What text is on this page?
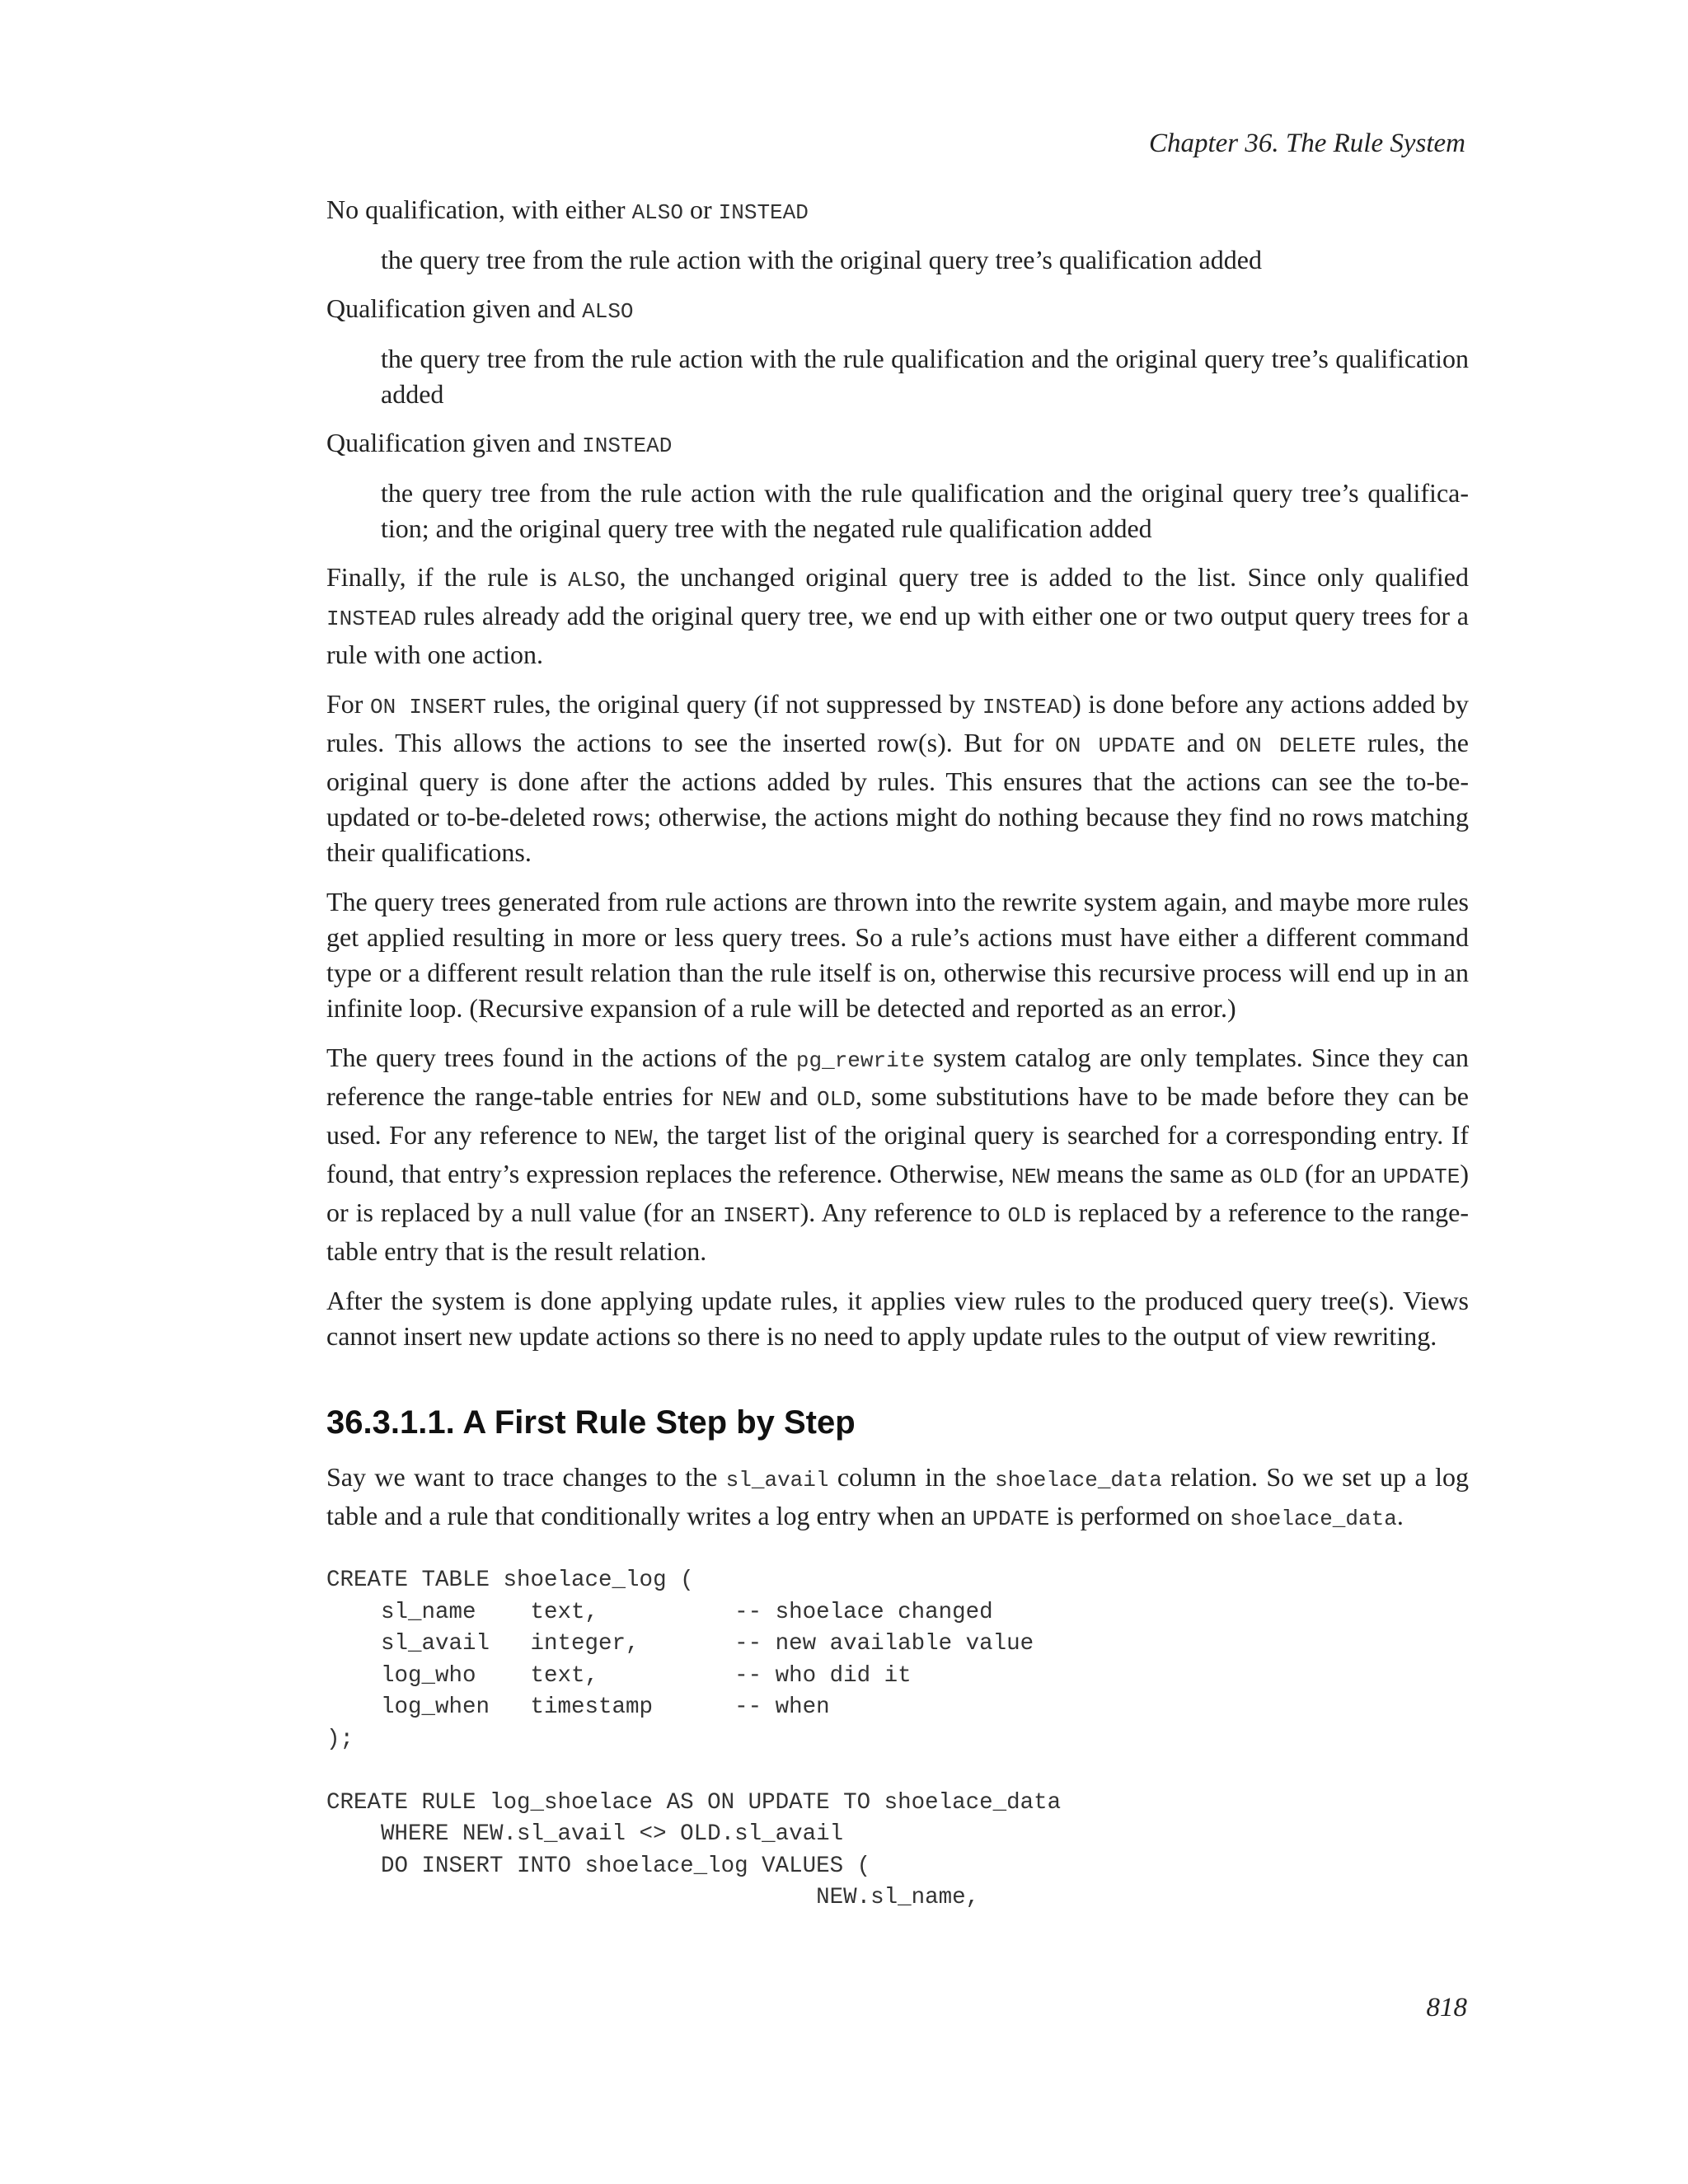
Chapter 36. The Rule System
No qualification, with either ALSO or INSTEAD
the query tree from the rule action with the original query tree’s qualification added
Qualification given and ALSO
the query tree from the rule action with the rule qualification and the original query tree’s qualification added
Qualification given and INSTEAD
the query tree from the rule action with the rule qualification and the original query tree’s qualifica-tion; and the original query tree with the negated rule qualification added

Finally, if the rule is ALSO, the unchanged original query tree is added to the list. Since only qualified INSTEAD rules already add the original query tree, we end up with either one or two output query trees for a rule with one action.

For ON INSERT rules, the original query (if not suppressed by INSTEAD) is done before any actions added by rules. This allows the actions to see the inserted row(s). But for ON UPDATE and ON DELETE rules, the original query is done after the actions added by rules. This ensures that the actions can see the to-be-updated or to-be-deleted rows; otherwise, the actions might do nothing because they find no rows matching their qualifications.

The query trees generated from rule actions are thrown into the rewrite system again, and maybe more rules get applied resulting in more or less query trees. So a rule’s actions must have either a different command type or a different result relation than the rule itself is on, otherwise this recursive process will end up in an infinite loop. (Recursive expansion of a rule will be detected and reported as an error.)

The query trees found in the actions of the pg_rewrite system catalog are only templates. Since they can reference the range-table entries for NEW and OLD, some substitutions have to be made before they can be used. For any reference to NEW, the target list of the original query is searched for a corresponding entry. If found, that entry’s expression replaces the reference. Otherwise, NEW means the same as OLD (for an UPDATE) or is replaced by a null value (for an INSERT). Any reference to OLD is replaced by a reference to the range-table entry that is the result relation.

After the system is done applying update rules, it applies view rules to the produced query tree(s). Views cannot insert new update actions so there is no need to apply update rules to the output of view rewriting.

36.3.1.1. A First Rule Step by Step

Say we want to trace changes to the sl_avail column in the shoelace_data relation. So we set up a log table and a rule that conditionally writes a log entry when an UPDATE is performed on shoelace_data.

CREATE TABLE shoelace_log (
sl_name    text,          -- shoelace changed
sl_avail   integer,       -- new available value
log_who    text,          -- who did it
log_when   timestamp      -- when
);

CREATE RULE log_shoelace AS ON UPDATE TO shoelace_data
WHERE NEW.sl_avail <> OLD.sl_avail
DO INSERT INTO shoelace_log VALUES (
NEW.sl_name,
818
